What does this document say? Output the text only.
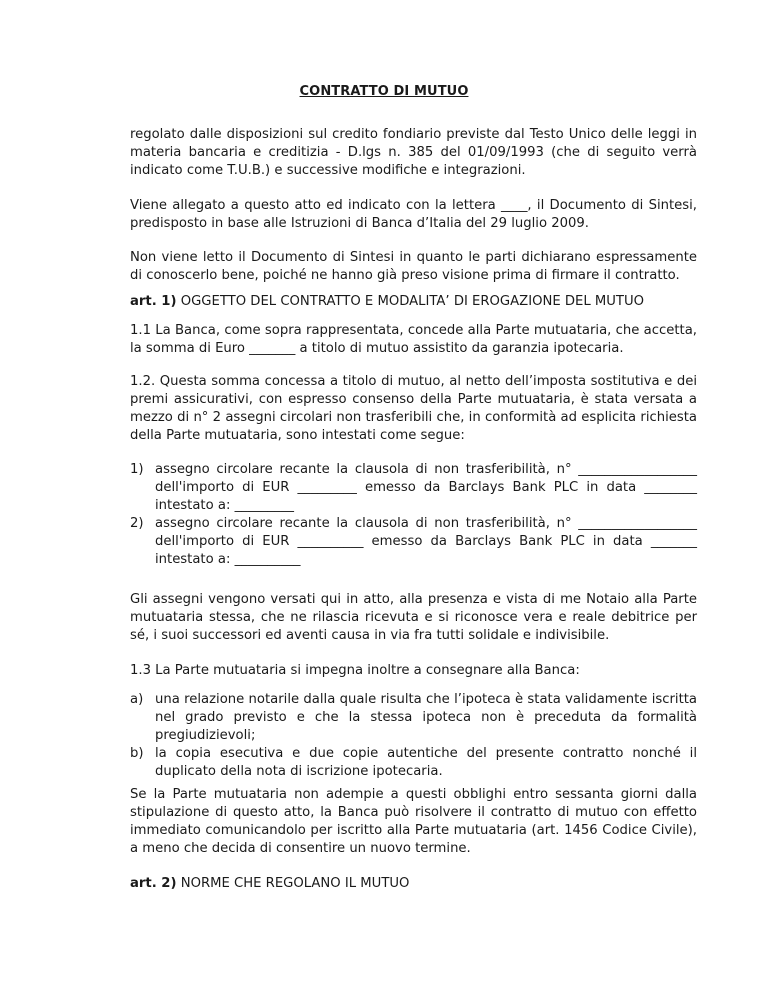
CONTRATTO DI MUTUO

regolato dalle disposizioni sul credito fondiario previste dal Testo Unico delle leggi in materia bancaria e creditizia - D.lgs n. 385 del 01/09/1993 (che di seguito verrà indicato come T.U.B.) e successive modifiche e integrazioni.

Viene allegato a questo atto ed indicato con la lettera ____, il Documento di Sintesi, predisposto in base alle Istruzioni di Banca d’Italia del 29 luglio 2009.

Non viene letto il Documento di Sintesi in quanto le parti dichiarano espressamente di conoscerlo bene, poiché ne hanno già preso visione prima di firmare il contratto.

art. 1) OGGETTO DEL CONTRATTO E MODALITA’ DI EROGAZIONE DEL MUTUO

1.1 La Banca, come sopra rappresentata, concede alla Parte mutuataria, che accetta, la somma di Euro _______ a titolo di mutuo assistito da garanzia ipotecaria.

1.2. Questa somma concessa a titolo di mutuo, al netto dell’imposta sostitutiva e dei premi assicurativi, con espresso consenso della Parte mutuataria, è stata versata a mezzo di n° 2 assegni circolari non trasferibili che, in conformità ad esplicita richiesta della Parte mutuataria, sono intestati come segue:

1) assegno circolare recante la clausola di non trasferibilità, n° __________________ dell'importo di EUR _________ emesso da Barclays Bank PLC in data ________ intestato a: _________
2) assegno circolare recante la clausola di non trasferibilità, n° __________________ dell'importo di EUR __________ emesso da Barclays Bank PLC in data _______ intestato a: __________

Gli assegni vengono versati qui in atto, alla presenza e vista di me Notaio alla Parte mutuataria stessa, che ne rilascia ricevuta e si riconosce vera e reale debitrice per sé, i suoi successori ed aventi causa in via fra tutti solidale e indivisibile.

1.3 La Parte mutuataria si impegna inoltre a consegnare alla Banca:

a) una relazione notarile dalla quale risulta che l’ipoteca è stata validamente iscritta nel grado previsto e che la stessa ipoteca non è preceduta da formalità pregiudizievoli;
b) la copia esecutiva e due copie autentiche del presente contratto nonché il duplicato della nota di iscrizione ipotecaria.

Se la Parte mutuataria non adempie a questi obblighi entro sessanta giorni dalla stipulazione di questo atto, la Banca può risolvere il contratto di mutuo con effetto immediato comunicandolo per iscritto alla Parte mutuataria (art. 1456 Codice Civile), a meno che decida di consentire un nuovo termine.

art. 2) NORME CHE REGOLANO IL MUTUO
